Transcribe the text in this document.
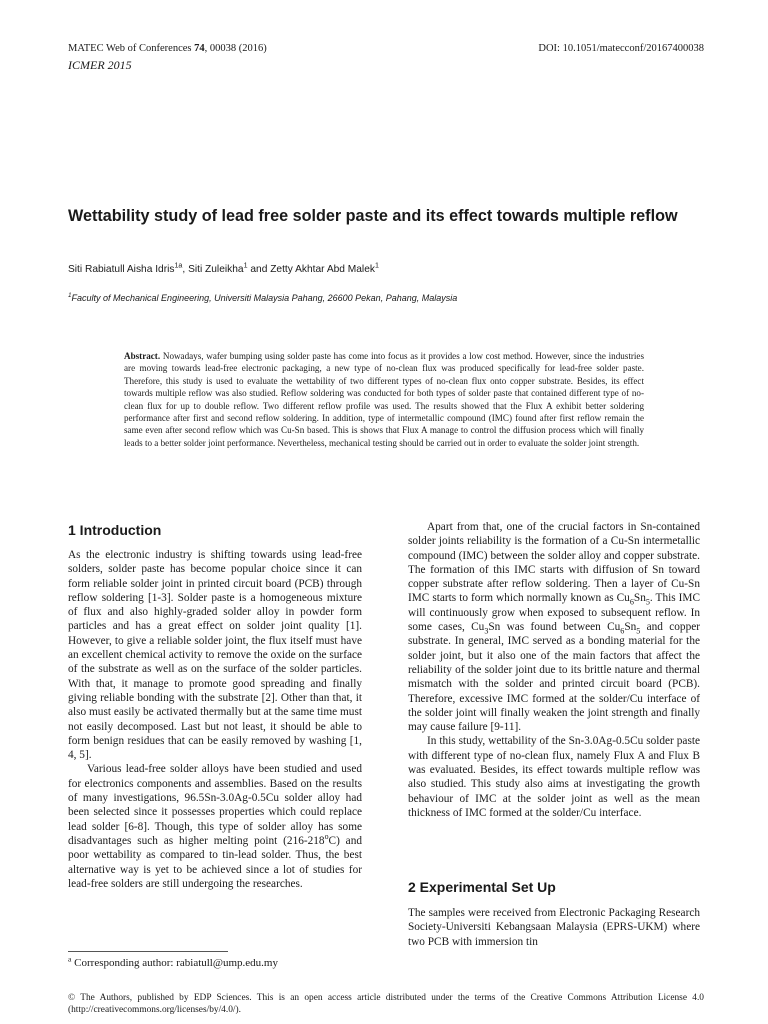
MATEC Web of Conferences 74, 00038 (2016)	DOI: 10.1051/matecconf/20167400038
ICMER 2015
Wettability study of lead free solder paste and its effect towards multiple reflow
Siti Rabiatull Aisha Idris$^{1a}$, Siti Zuleikha$^1$ and Zetty Akhtar Abd Malek$^1$
$^1$Faculty of Mechanical Engineering, Universiti Malaysia Pahang, 26600 Pekan, Pahang, Malaysia
Abstract. Nowadays, wafer bumping using solder paste has come into focus as it provides a low cost method. However, since the industries are moving towards lead-free electronic packaging, a new type of no-clean flux was produced specifically for lead-free solder paste. Therefore, this study is used to evaluate the wettability of two different types of no-clean flux onto copper substrate. Besides, its effect towards multiple reflow was also studied. Reflow soldering was conducted for both types of solder paste that contained different type of no-clean flux for up to double reflow. Two different reflow profile was used. The results showed that the Flux A exhibit better soldering performance after first and second reflow soldering. In addition, type of intermetallic compound (IMC) found after first reflow remain the same even after second reflow which was Cu-Sn based. This is shows that Flux A manage to control the diffusion process which will finally leads to a better solder joint performance. Nevertheless, mechanical testing should be carried out in order to evaluate the solder joint strength.
1 Introduction

As the electronic industry is shifting towards using lead-free solders, solder paste has become popular choice since it can form reliable solder joint in printed circuit board (PCB) through reflow soldering [1-3]. Solder paste is a homogeneous mixture of flux and also highly-graded solder alloy in powder form particles and has a great effect on solder joint quality [1]. However, to give a reliable solder joint, the flux itself must have an excellent chemical activity to remove the oxide on the surface of the substrate as well as on the surface of the solder particles. With that, it manage to promote good spreading and finally giving reliable bonding with the substrate [2]. Other than that, it also must easily be activated thermally but at the same time must not easily decomposed. Last but not least, it should be able to form benign residues that can be easily removed by washing [1, 4, 5].

Various lead-free solder alloys have been studied and used for electronics components and assemblies. Based on the results of many investigations, 96.5Sn-3.0Ag-0.5Cu solder alloy had been selected since it possesses properties which could replace lead solder [6-8]. Though, this type of solder alloy has some disadvantages such as higher melting point (216-218$^o$C) and poor wettability as compared to tin-lead solder. Thus, the best alternative way is yet to be achieved since a lot of studies for lead-free solders are still undergoing the researches.

Apart from that, one of the crucial factors in Sn-contained solder joints reliability is the formation of a Cu-Sn intermetallic compound (IMC) between the solder alloy and copper substrate. The formation of this IMC starts with diffusion of Sn toward copper substrate after reflow soldering. Then a layer of Cu-Sn IMC starts to form which normally known as $Cu_6Sn_5$. This IMC will continuously grow when exposed to subsequent reflow. In some cases, $Cu_3Sn$ was found between $Cu_6Sn_5$ and copper substrate. In general, IMC served as a bonding material for the solder joint, but it also one of the main factors that affect the reliability of the solder joint due to its brittle nature and thermal mismatch with the solder and printed circuit board (PCB). Therefore, excessive IMC formed at the solder/Cu interface of the solder joint will finally weaken the joint strength and finally may cause failure [9-11].

In this study, wettability of the Sn-3.0Ag-0.5Cu solder paste with different type of no-clean flux, namely Flux A and Flux B was evaluated. Besides, its effect towards multiple reflow was also studied. This study also aims at investigating the growth behaviour of IMC at the solder joint as well as the mean thickness of IMC formed at the solder/Cu interface.

2 Experimental Set Up

The samples were received from Electronic Packaging Research Society-Universiti Kebangsaan Malaysia (EPRS-UKM) where two PCB with immersion tin

$^a$ Corresponding author: rabiatull@ump.edu.my
© The Authors, published by EDP Sciences. This is an open access article distributed under the terms of the Creative Commons Attribution License 4.0 (http://creativecommons.org/licenses/by/4.0/).
